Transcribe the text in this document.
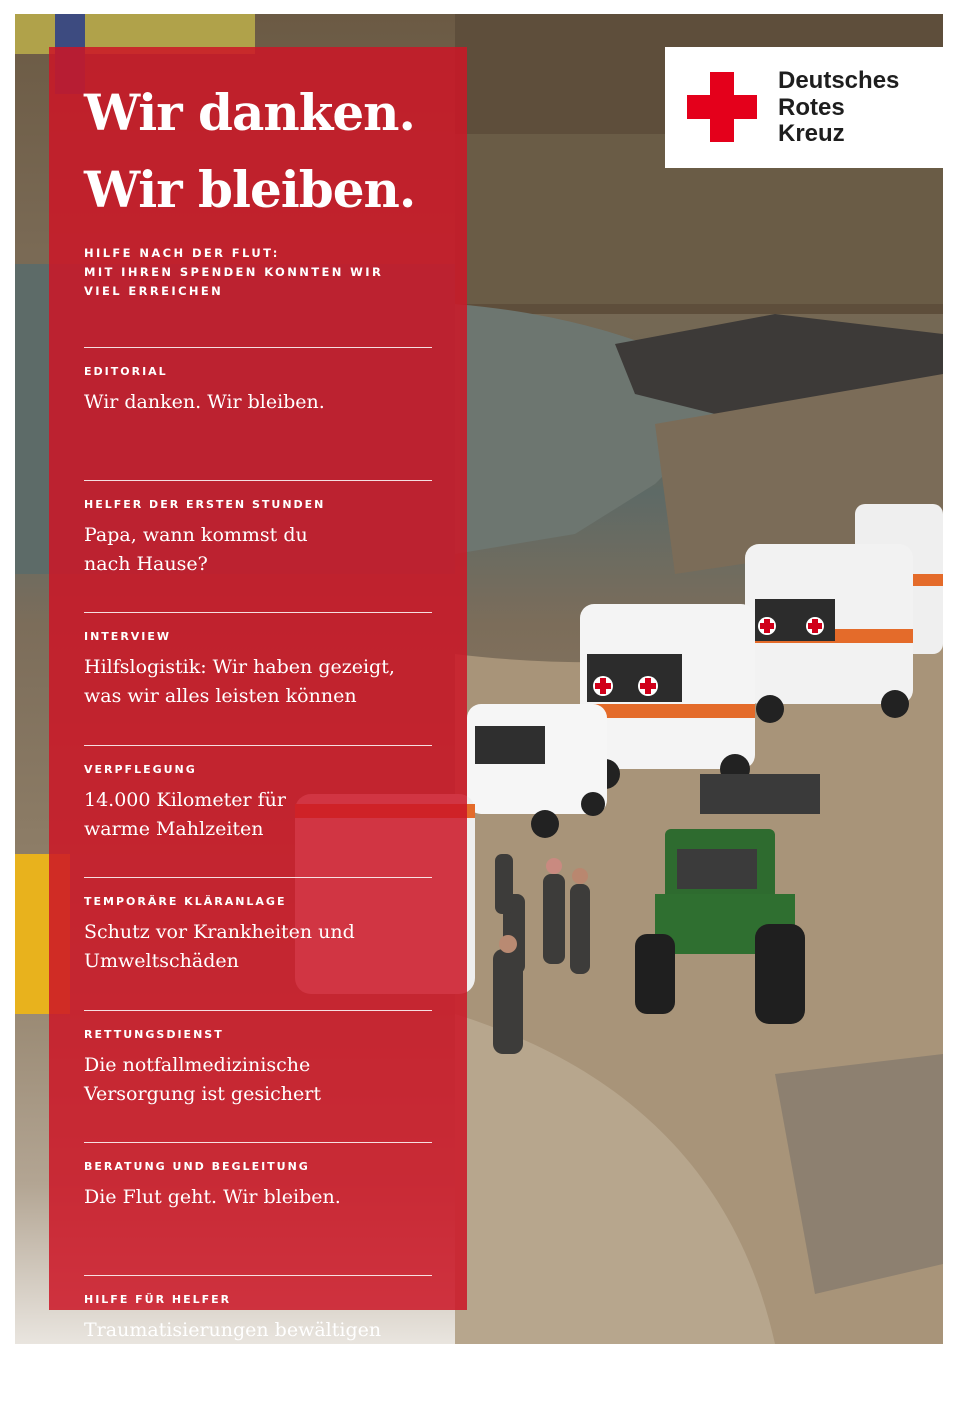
Wir danken.
Wir bleiben.
HILFE NACH DER FLUT:
MIT IHREN SPENDEN KONNTEN WIR
VIEL ERREICHEN
EDITORIAL
Wir danken. Wir bleiben.
HELFER DER ERSTEN STUNDEN
Papa, wann kommst du nach Hause?
INTERVIEW
Hilfslogistik: Wir haben gezeigt, was wir alles leisten können
VERPFLEGUNG
14.000 Kilometer für warme Mahlzeiten
TEMPORÄRE KLÄRANLAGE
Schutz vor Krankheiten und Umweltschäden
RETTUNGSDIENST
Die notfallmedizinische Versorgung ist gesichert
BERATUNG UND BEGLEITUNG
Die Flut geht. Wir bleiben.
HILFE FÜR HELFER
Traumatisierungen bewältigen
Deutsches
Rotes
Kreuz
